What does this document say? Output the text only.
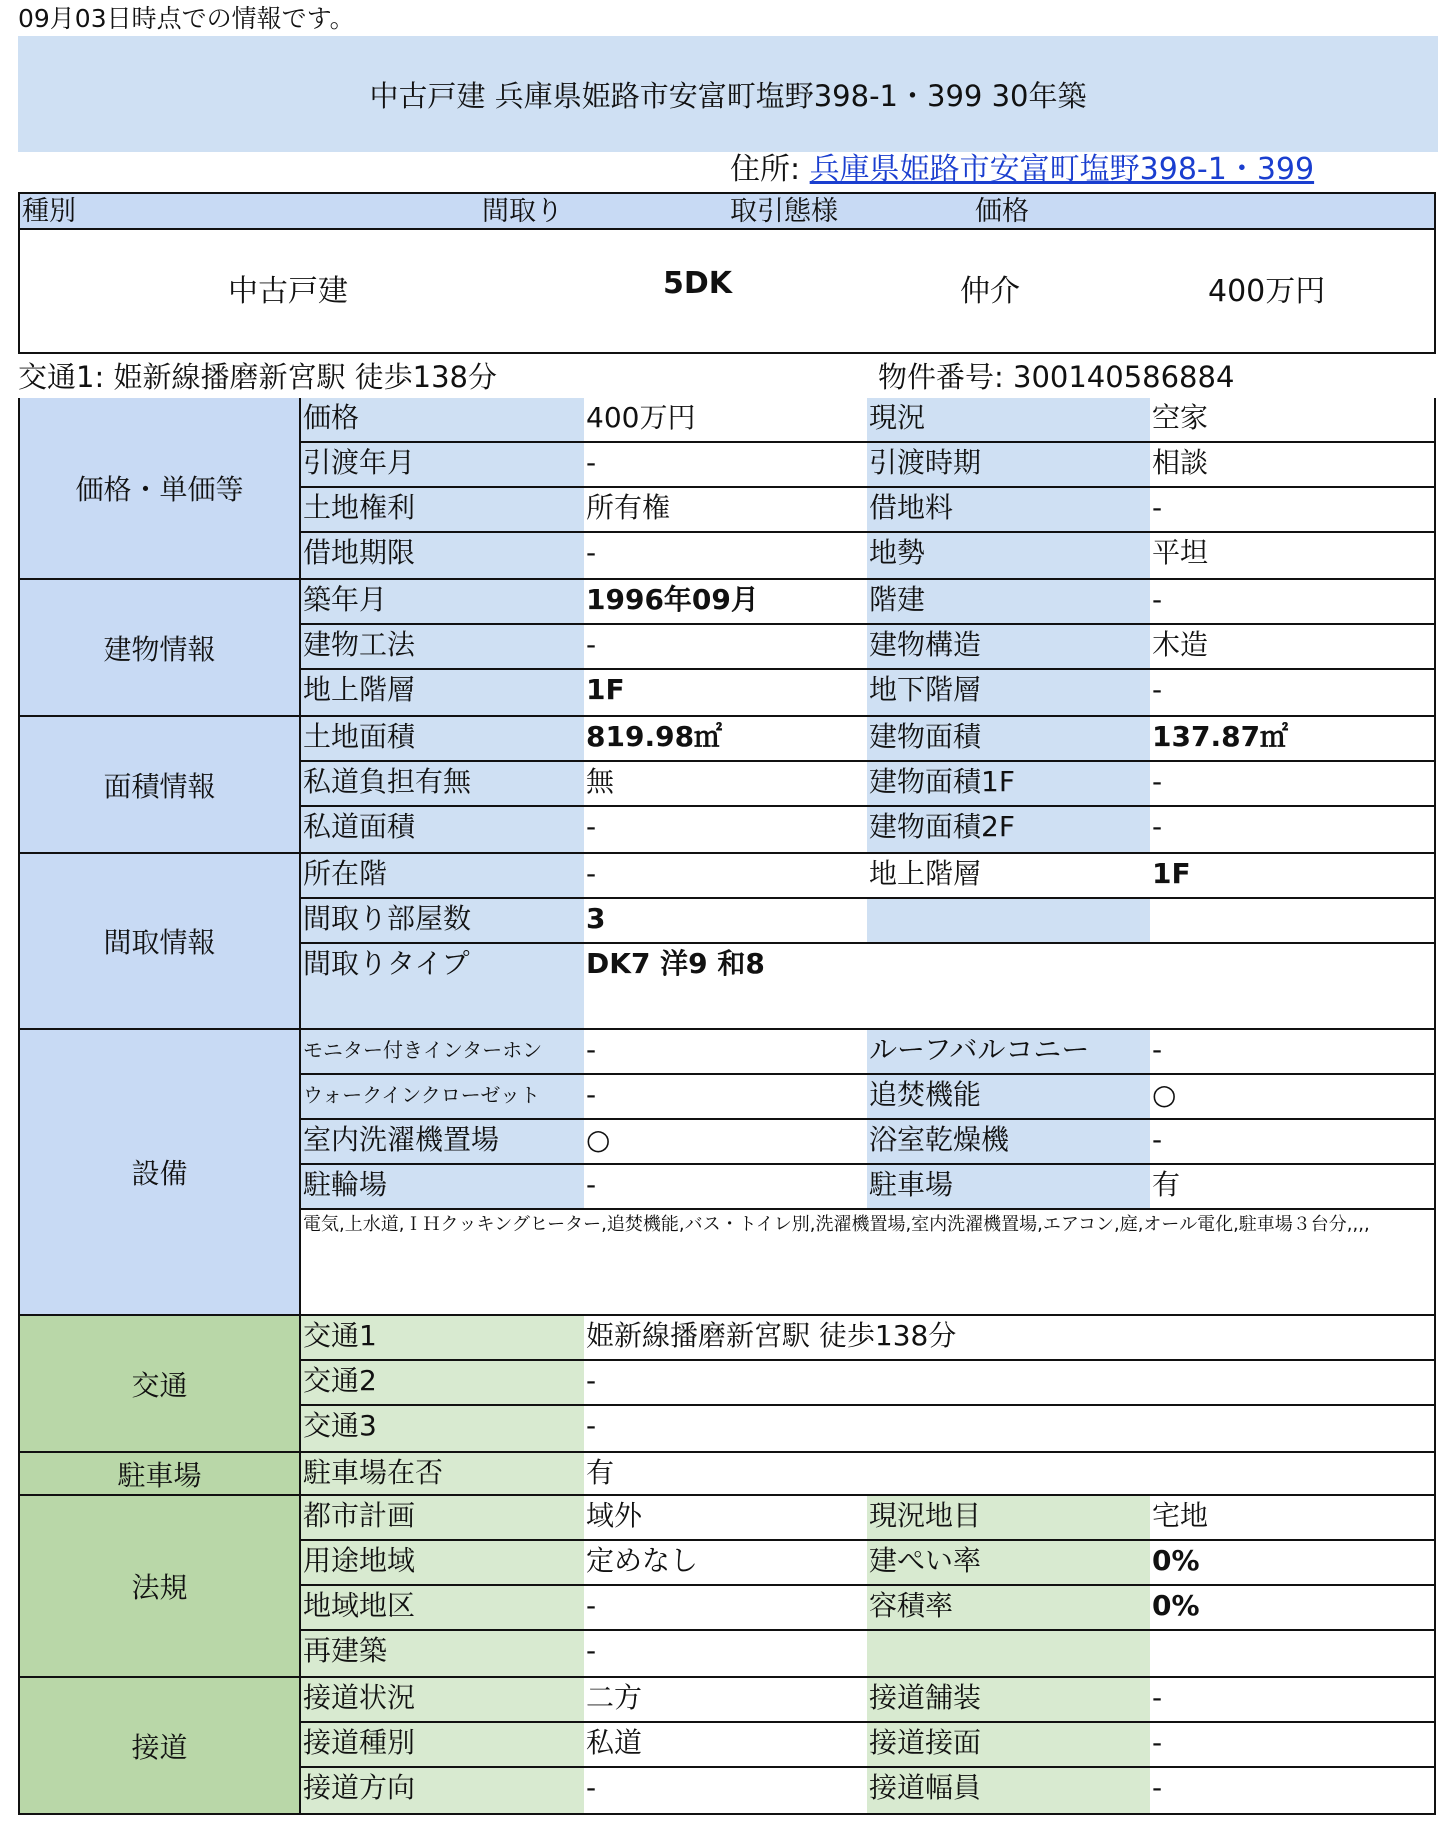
09月03日時点での情報です。
中古戸建 兵庫県姫路市安富町塩野398-1・399 30年築
住所: 兵庫県姫路市安富町塩野398-1・399
種別	間取り	取引態様	価格
中古戸建	5DK	仲介	400万円
交通1: 姫新線播磨新宮駅 徒歩138分	物件番号: 300140586884
価格・単価等
価格	400万円	現況	空家
引渡年月	-	引渡時期	相談
土地権利	所有権	借地料	-
借地期限	-	地勢	平坦
建物情報
築年月	1996年09月	階建	-
建物工法	-	建物構造	木造
地上階層	1F	地下階層	-
面積情報
土地面積	819.98㎡	建物面積	137.87㎡
私道負担有無	無	建物面積1F	-
私道面積	-	建物面積2F	-
間取情報
所在階	-	地上階層	1F
間取り部屋数	3
間取りタイプ	DK7 洋9 和8
設備
モニター付きインターホン	-	ルーフバルコニー	-
ウォークインクローゼット	-	追焚機能	○
室内洗濯機置場	○	浴室乾燥機	-
駐輪場	-	駐車場	有
電気,上水道,ＩＨクッキングヒーター,追焚機能,バス・トイレ別,洗濯機置場,室内洗濯機置場,エアコン,庭,オール電化,駐車場３台分,,,,
交通
交通1	姫新線播磨新宮駅 徒歩138分
交通2	-
交通3	-
駐車場	駐車場在否	有
法規
都市計画	域外	現況地目	宅地
用途地域	定めなし	建ぺい率	0%
地域地区	-	容積率	0%
再建築	-
接道
接道状況	二方	接道舗装	-
接道種別	私道	接道接面	-
接道方向	-	接道幅員	-
